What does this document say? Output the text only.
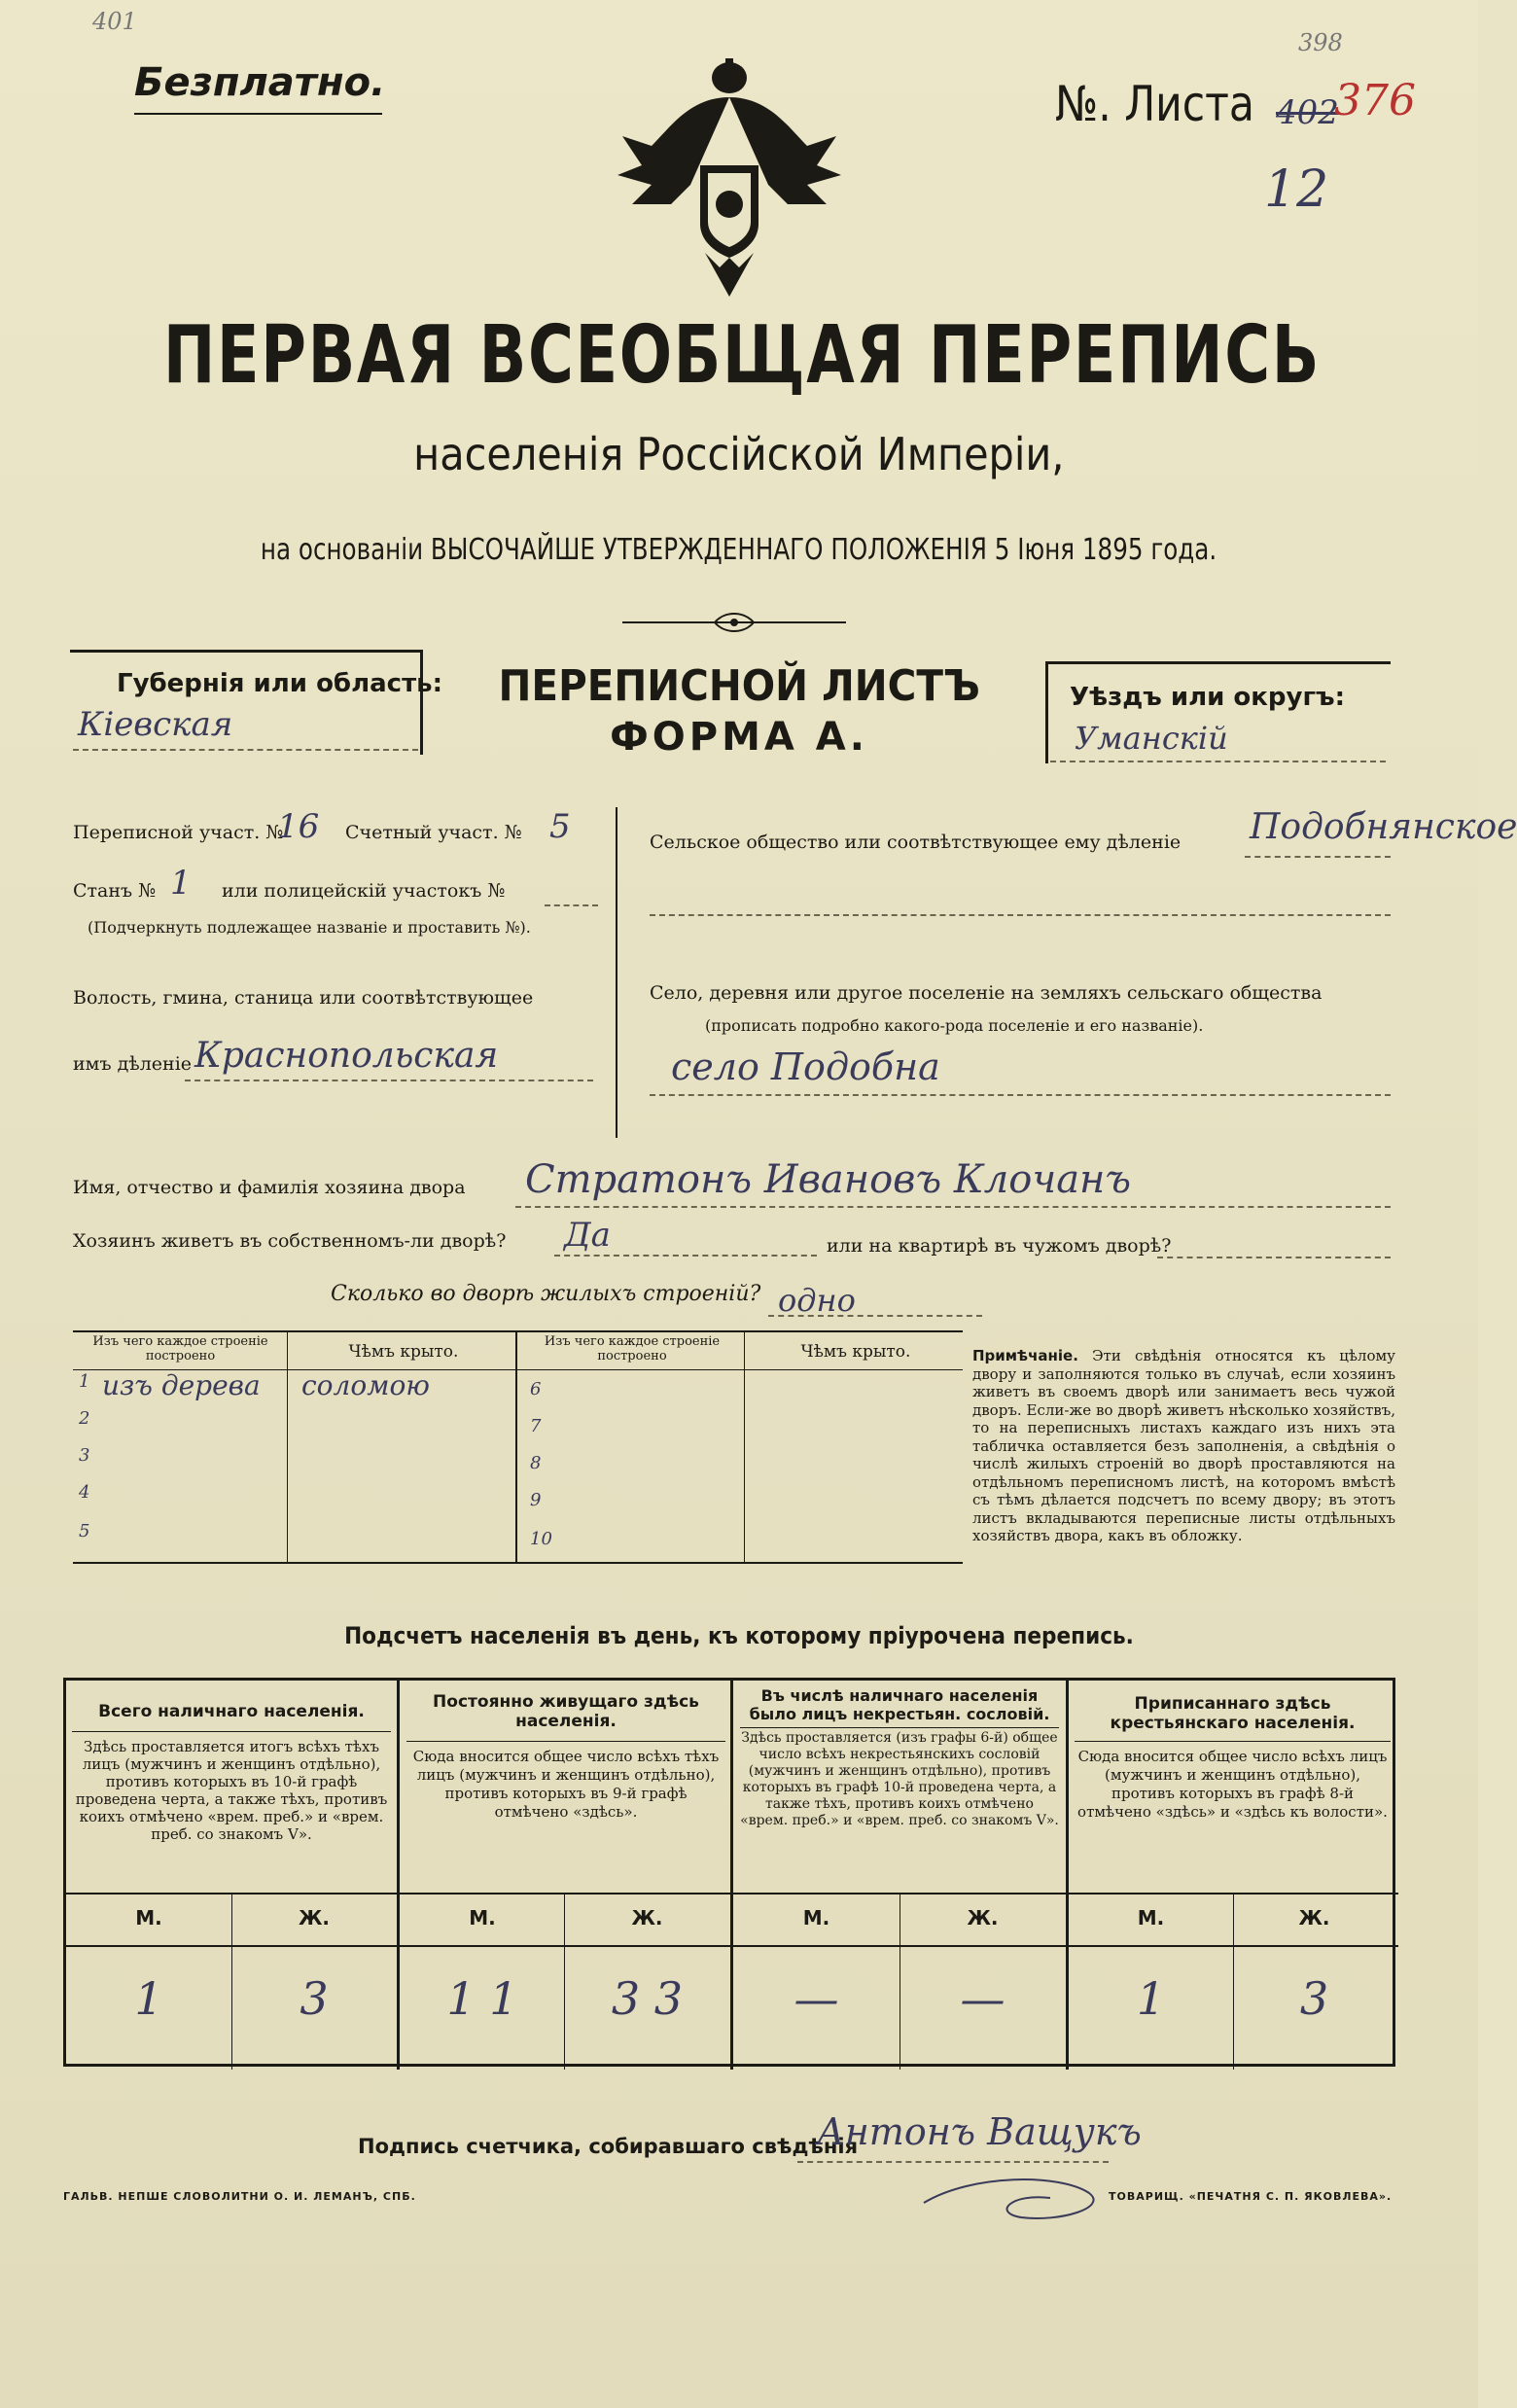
401
398
Безплатно.	№. Листа 402
376
12
ПЕРВАЯ ВСЕОБЩАЯ ПЕРЕПИСЬ
населенія Россійской Имперіи,
на основаніи ВЫСОЧАЙШЕ УТВЕРЖДЕННАГО ПОЛОЖЕНІЯ 5 Іюня 1895 года.
Губернія или область:
Кіевская
ПЕРЕПИСНОЙ ЛИСТЪ
ФОРМА А.
Уѣздъ или округъ:
Уманскій
Переписной участ. №
16 Счетный участ. № 5
Станъ № 1 или полицейскій участокъ №
(Подчеркнуть подлежащее названіе и проставить №).
Волость, гмина, станица или соотвѣтствующее
имъ дѣленіе Краснопольская
Сельское общество или соотвѣтствующее ему дѣленіе Подобнянское
Село, деревня или другое поселеніе на земляхъ сельскаго общества
(прописать подробно какого-рода поселеніе и его названіе).
село Подобна
Имя, отчество и фамилія хозяина двора Стратонъ Ивановъ Клочанъ
Хозяинъ живетъ въ собственномъ-ли дворѣ? Да	или на квартирѣ въ чужомъ дворѣ?
Сколько во дворѣ жилыхъ строеній? одно
Изъ чего каждое строеніе построено	Чѣмъ крыто.
Изъ чего каждое строеніе построено	Чѣмъ крыто.
1 изъ дерева соломою
2
3
4
5
6
7
8
9
10
Примѣчаніе. Эти свѣдѣнія относятся къ цѣлому двору и заполняются только въ случаѣ, если хозяинъ живетъ въ своемъ дворѣ или занимаетъ весь чужой дворъ. Если-же во дворѣ живетъ нѣсколько хозяйствъ, то на переписныхъ листахъ каждаго изъ нихъ эта табличка оставляется безъ заполненія, а свѣдѣнія о числѣ жилыхъ строеній во дворѣ проставляются на отдѣльномъ переписномъ листѣ, на которомъ вмѣстѣ съ тѣмъ дѣлается подсчетъ по всему двору; въ этотъ листъ вкладываются переписные листы отдѣльныхъ хозяйствъ двора, какъ въ обложку.
Подсчетъ населенія въ день, къ которому пріурочена перепись.
Всего наличнаго населенія.
Здѣсь проставляется итогъ всѣхъ тѣхъ лицъ (мужчинъ и женщинъ отдѣльно), противъ которыхъ въ 10-й графѣ проведена черта, а также тѣхъ, противъ коихъ отмѣчено «врем. преб.» и «врем. преб. со знакомъ V».
Постоянно живущаго здѣсь населенія.
Сюда вносится общее число всѣхъ тѣхъ лицъ (мужчинъ и женщинъ отдѣльно), противъ которыхъ въ 9-й графѣ отмѣчено «здѣсь».
Въ числѣ наличнаго населенія было лицъ некрестьян. сословій.
Здѣсь проставляется (изъ графы 6-й) общее число всѣхъ некрестьянскихъ сословій (мужчинъ и женщинъ отдѣльно), противъ которыхъ въ графѣ 10-й проведена черта, а также тѣхъ, противъ коихъ отмѣчено «врем. преб.» и «врем. преб. со знакомъ V».
Приписаннаго здѣсь крестьянскаго населенія.
Сюда вносится общее число всѣхъ лицъ (мужчинъ и женщинъ отдѣльно), противъ которыхъ въ графѣ 8-й отмѣчено «здѣсь» и «здѣсь къ волости».
М.	Ж.	М.	Ж.	М.	Ж.	М.	Ж.
1	3	1 1	3 3	—	—	1	3
Подпись счетчика, собиравшаго свѣдѣнія
Антонъ Ващукъ
ГАЛЬВ. НЕПШЕ СЛОВОЛИТНИ О. И. ЛЕМАНЪ, СПБ.	ТОВАРИЩ. «ПЕЧАТНЯ С. П. ЯКОВЛЕВА».
